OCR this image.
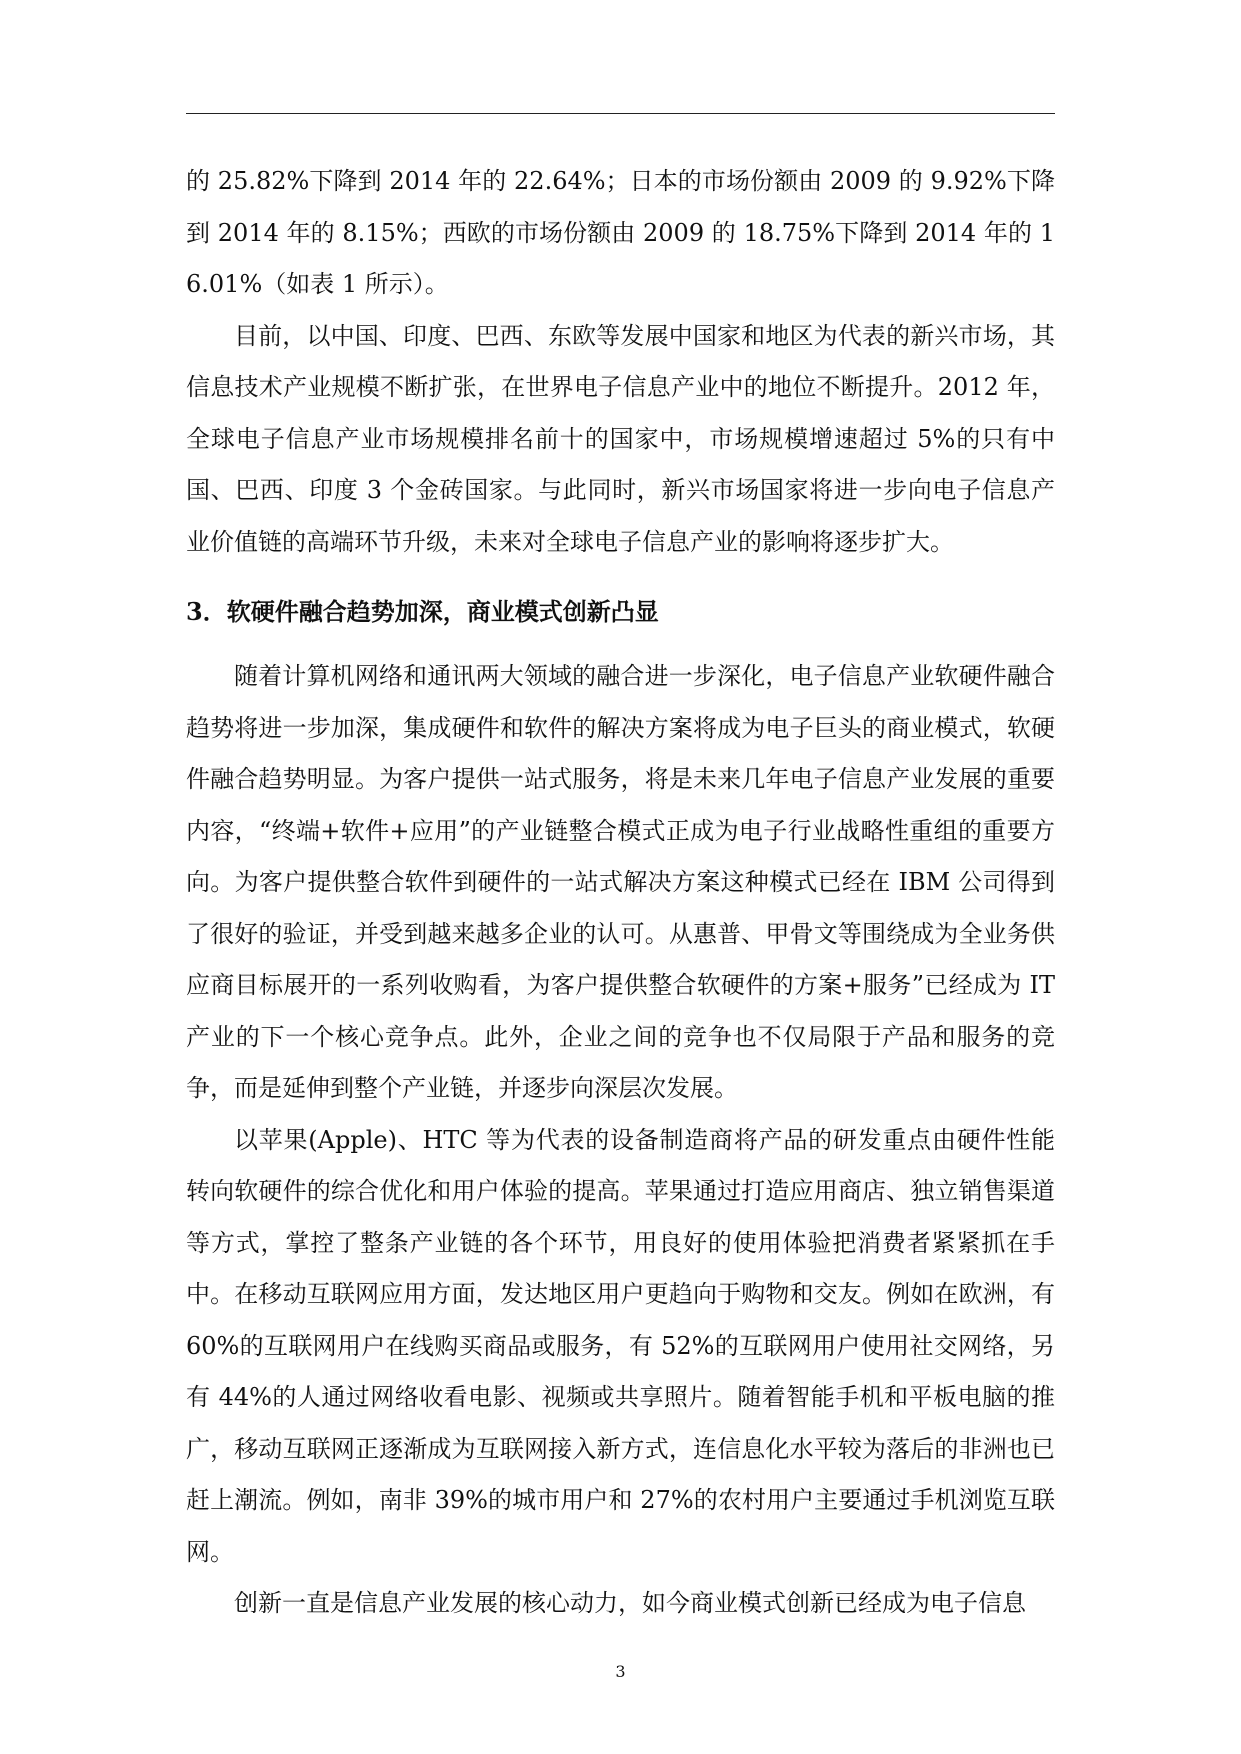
的 25.82%下降到 2014 年的 22.64%；日本的市场份额由 2009 的 9.92%下降到 2014 年的 8.15%；西欧的市场份额由 2009 的 18.75%下降到 2014 年的 16.01%（如表 1 所示）。

目前，以中国、印度、巴西、东欧等发展中国家和地区为代表的新兴市场，其信息技术产业规模不断扩张，在世界电子信息产业中的地位不断提升。2012 年，全球电子信息产业市场规模排名前十的国家中，市场规模增速超过 5%的只有中国、巴西、印度 3 个金砖国家。与此同时，新兴市场国家将进一步向电子信息产业价值链的高端环节升级，未来对全球电子信息产业的影响将逐步扩大。

3．软硬件融合趋势加深，商业模式创新凸显

随着计算机网络和通讯两大领域的融合进一步深化，电子信息产业软硬件融合趋势将进一步加深，集成硬件和软件的解决方案将成为电子巨头的商业模式，软硬件融合趋势明显。为客户提供一站式服务，将是未来几年电子信息产业发展的重要内容，“终端+软件+应用”的产业链整合模式正成为电子行业战略性重组的重要方向。为客户提供整合软件到硬件的一站式解决方案这种模式已经在 IBM 公司得到了很好的验证，并受到越来越多企业的认可。从惠普、甲骨文等围绕成为全业务供应商目标展开的一系列收购看，为客户提供整合软硬件的方案+服务”已经成为 IT 产业的下一个核心竞争点。此外，企业之间的竞争也不仅局限于产品和服务的竞争，而是延伸到整个产业链，并逐步向深层次发展。

以苹果(Apple)、HTC 等为代表的设备制造商将产品的研发重点由硬件性能转向软硬件的综合优化和用户体验的提高。苹果通过打造应用商店、独立销售渠道等方式，掌控了整条产业链的各个环节，用良好的使用体验把消费者紧紧抓在手中。在移动互联网应用方面，发达地区用户更趋向于购物和交友。例如在欧洲，有 60%的互联网用户在线购买商品或服务，有 52%的互联网用户使用社交网络，另有 44%的人通过网络收看电影、视频或共享照片。随着智能手机和平板电脑的推广，移动互联网正逐渐成为互联网接入新方式，连信息化水平较为落后的非洲也已赶上潮流。例如，南非 39%的城市用户和 27%的农村用户主要通过手机浏览互联网。

创新一直是信息产业发展的核心动力，如今商业模式创新已经成为电子信息

3
